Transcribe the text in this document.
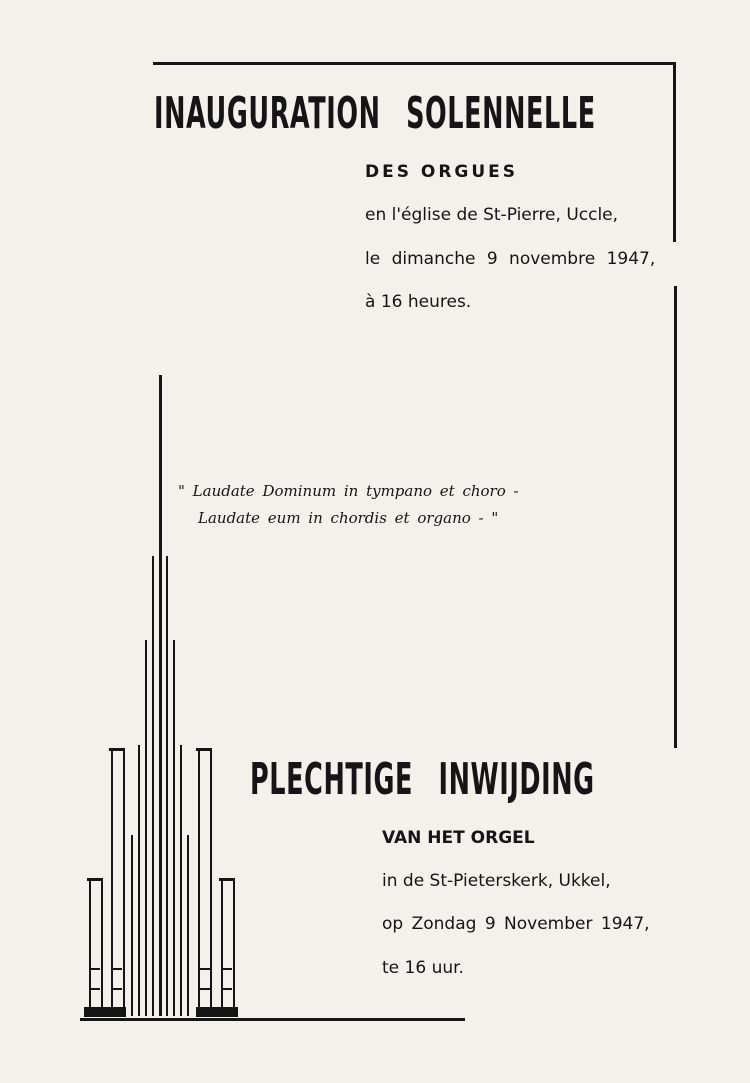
INAUGURATION SOLENNELLE

DES ORGUES

en l'église de St-Pierre, Uccle,

le dimanche 9 novembre 1947,

à 16 heures.

" Laudate Dominum in tympano et choro -

Laudate eum in chordis et organo - "

PLECHTIGE INWIJDING

VAN HET ORGEL

in de St-Pieterskerk, Ukkel,

op Zondag 9 November 1947,

te 16 uur.
